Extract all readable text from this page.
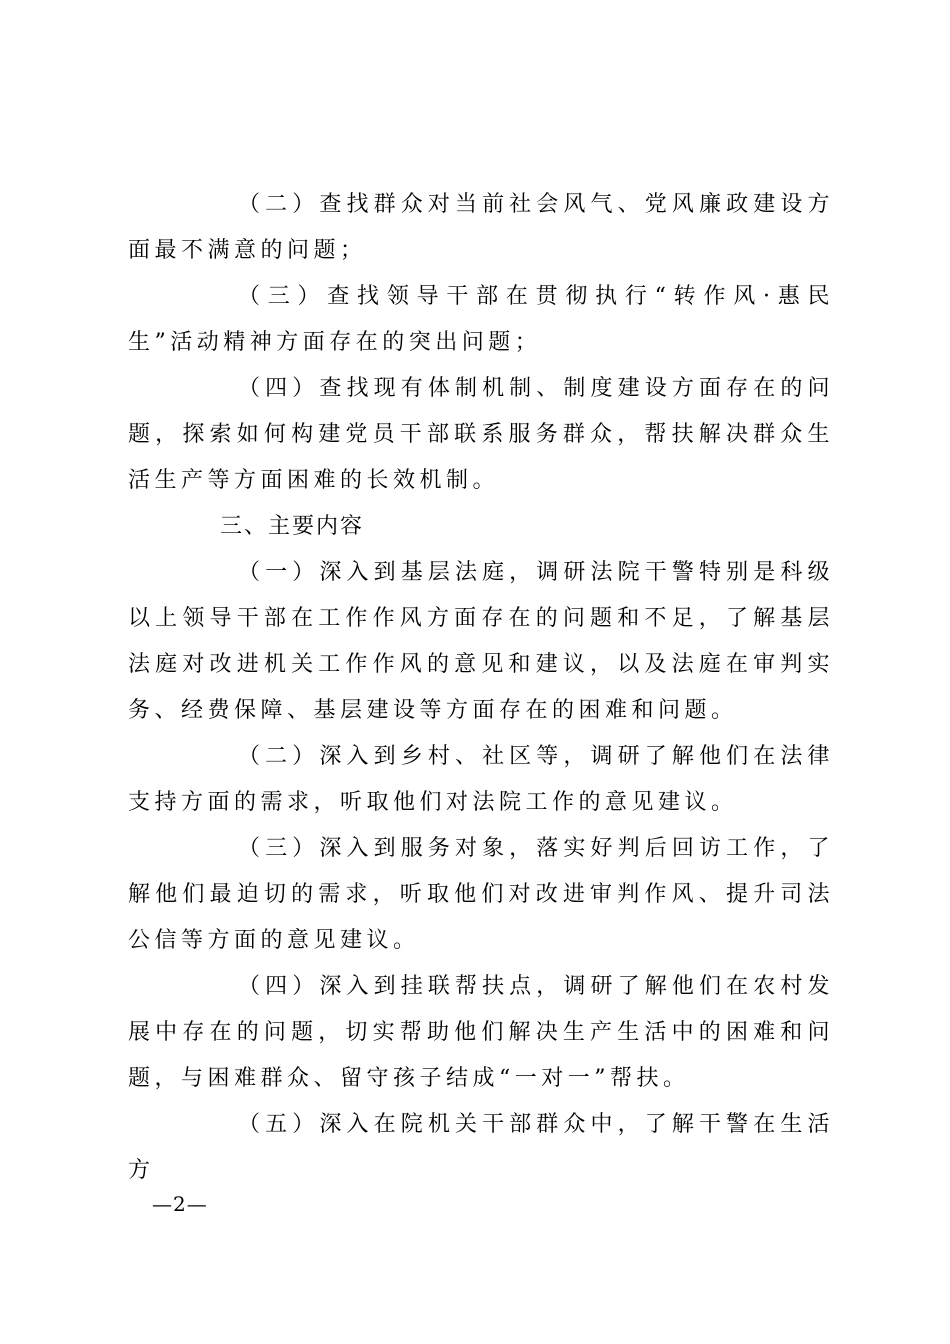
（二）查找群众对当前社会风气、党风廉政建设方面最不满意的问题；

（三）查找领导干部在贯彻执行“转作风·惠民生”活动精神方面存在的突出问题；

（四）查找现有体制机制、制度建设方面存在的问题，探索如何构建党员干部联系服务群众，帮扶解决群众生活生产等方面困难的长效机制。

三、主要内容

（一）深入到基层法庭，调研法院干警特别是科级以上领导干部在工作作风方面存在的问题和不足，了解基层法庭对改进机关工作作风的意见和建议，以及法庭在审判实务、经费保障、基层建设等方面存在的困难和问题。

（二）深入到乡村、社区等，调研了解他们在法律支持方面的需求，听取他们对法院工作的意见建议。

（三）深入到服务对象，落实好判后回访工作，了解他们最迫切的需求，听取他们对改进审判作风、提升司法公信等方面的意见建议。

（四）深入到挂联帮扶点，调研了解他们在农村发展中存在的问题，切实帮助他们解决生产生活中的困难和问题，与困难群众、留守孩子结成“一对一”帮扶。

（五）深入在院机关干部群众中，了解干警在生活方

—2—
